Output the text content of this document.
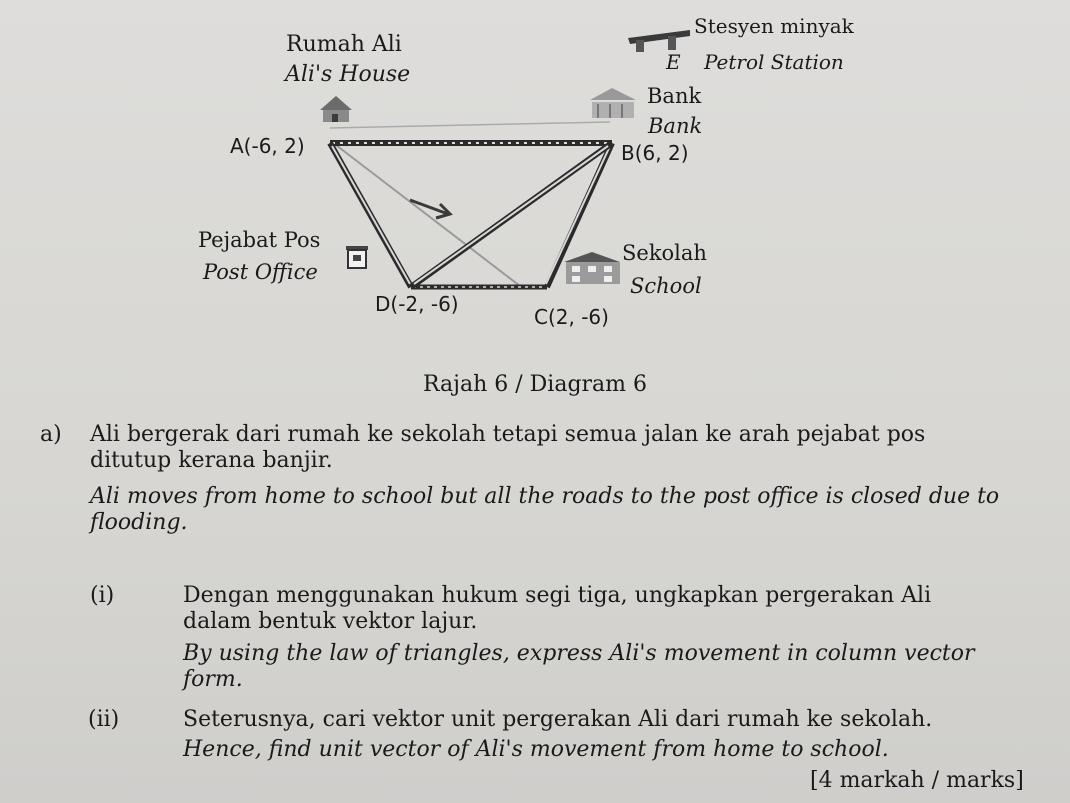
Rumah Ali
Ali's House
Stesyen minyak
E Petrol Station
Bank
Bank
A(-6, 2)	B(6, 2)
Pejabat Pos
Post Office
Sekolah
School
D(-2, -6)
C(2, -6)
Rajah 6 / Diagram 6
a) Ali bergerak dari rumah ke sekolah tetapi semua jalan ke arah pejabat pos ditutup kerana banjir.
Ali moves from home to school but all the roads to the post office is closed due to flooding.
(i)	Dengan menggunakan hukum segi tiga, ungkapkan pergerakan Ali dalam bentuk vektor lajur.
By using the law of triangles, express Ali's movement in column vector form.
(ii)	Seterusnya, cari vektor unit pergerakan Ali dari rumah ke sekolah.
Hence, find unit vector of Ali's movement from home to school.
[4 markah / marks]
